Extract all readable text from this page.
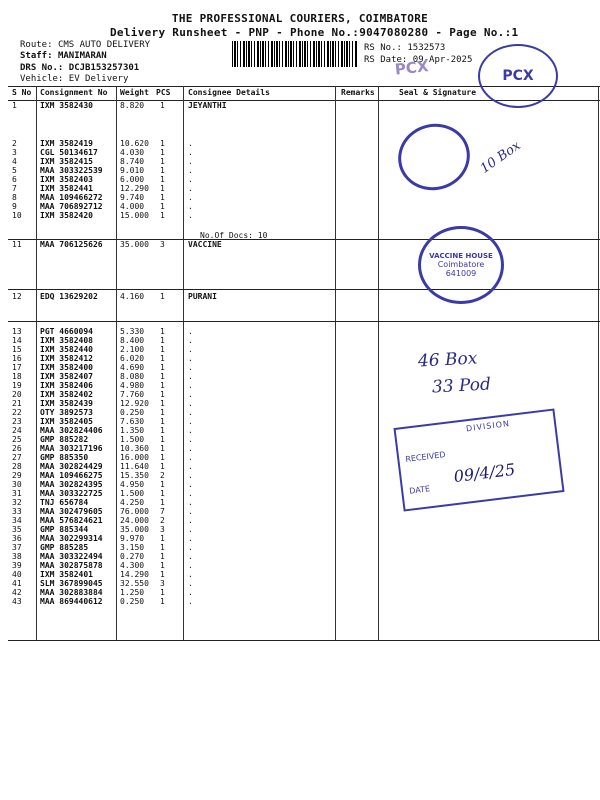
THE PROFESSIONAL COURIERS, COIMBATORE
Delivery Runsheet - PNP - Phone No.:9047080280 - Page No.:1
Route: CMS AUTO DELIVERY
Staff: MANIMARAN
DRS No.: DCJB153257301
Vehicle: EV Delivery
RS No.: 1532573
RS Date: 09-Apr-2025
S No Consignment No Weight PCS Consignee Details	Remarks	Seal & Signature
1	IXM 3582430	8.820 1	JEYANTHI
2	IXM 3582419	10.620 1	.
3	CGL 50134617	4.030 1	.
4	IXM 3582415	8.740 1	.
5	MAA 303322539 9.010 1	.
6	IXM 3582403	6.000 1	.
7	IXM 3582441	12.290 1	.
8	MAA 109466272 9.740 1	.
9	MAA 706892712 4.000 1	.
10 IXM 3582420	15.000 1	.
11 MAA 706125626 35.000 3	VACCINE
12 EDQ 13629202	4.160 1	PURANI
13 PGT 4660094	5.330 1	.
14 IXM 3582408	8.400 1	.
15 IXM 3582440	2.100 1	.
16 IXM 3582412	6.020 1	.
17 IXM 3582400	4.690 1	.
18 IXM 3582407	8.080 1	.
19 IXM 3582406	4.980 1	.
20 IXM 3582402	7.760 1	.
21 IXM 3582439	12.920 1	.
22 OTY 3892573	0.250 1	.
23 IXM 3582405	7.630 1	.
24 MAA 302824406 1.350 1	.
25 GMP 885282	1.500 1	.
26 MAA 303217196 10.360 1	.
27 GMP 885350	16.000 1	.
28 MAA 302824429 11.640 1	.
29 MAA 109466275 15.350 2	.
30 MAA 302824395 4.950 1	.
31 MAA 303322725 1.500 1	.
32 TNJ 656784	4.250 1	.
33 MAA 302479605 76.000 7	.
34 MAA 576824621 24.000 2	.
35 GMP 885344	35.000 3	.
36 MAA 302299314 9.970 1	.
37 GMP 885285	3.150 1	.
38 MAA 303322494 0.270 1	.
39 MAA 302875878 4.300 1	.
40 IXM 3582401	14.290 1	.
41 SLM 367899045 32.550 3	.
42 MAA 302883884 1.250 1	.
43 MAA 869440612 0.250 1	.
No.Of Docs: 10
PCX	PCX
10 Box
VACCINE HOUSE
Coimbatore
641009
46 Box
33 Pod
DIVISION
RECEIVED
DATE
09/4/25
